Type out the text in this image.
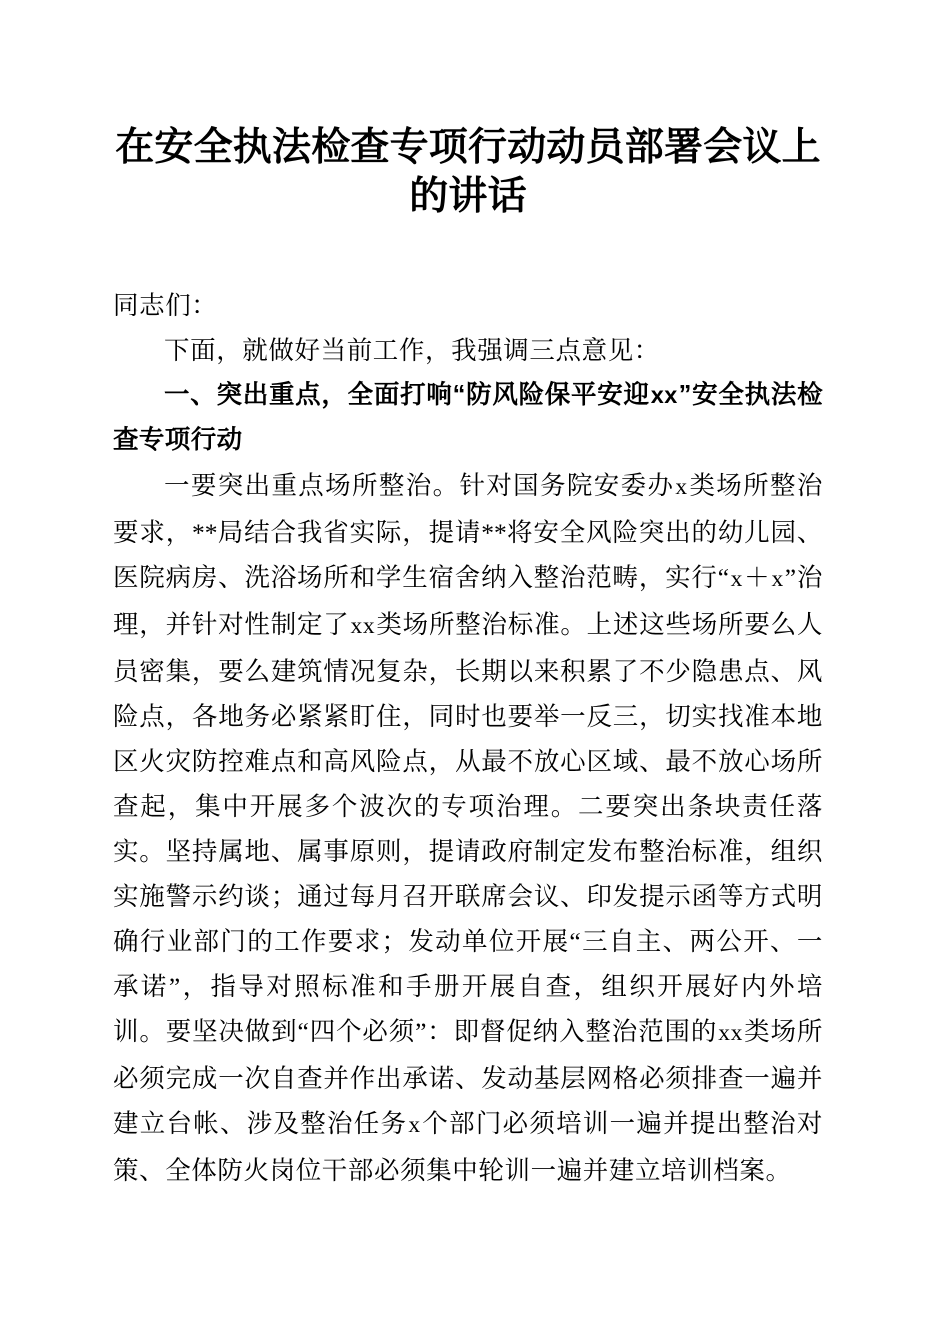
在安全执法检查专项行动动员部署会议上的讲话

同志们：

下面，就做好当前工作，我强调三点意见：

一、突出重点，全面打响“防风险保平安迎xx”安全执法检查专项行动

一要突出重点场所整治。针对国务院安委办x类场所整治要求，**局结合我省实际，提请**将安全风险突出的幼儿园、医院病房、洗浴场所和学生宿舍纳入整治范畴，实行“x＋x”治理，并针对性制定了xx类场所整治标准。上述这些场所要么人员密集，要么建筑情况复杂，长期以来积累了不少隐患点、风险点，各地务必紧紧盯住，同时也要举一反三，切实找准本地区火灾防控难点和高风险点，从最不放心区域、最不放心场所查起，集中开展多个波次的专项治理。二要突出条块责任落实。坚持属地、属事原则，提请政府制定发布整治标准，组织实施警示约谈；通过每月召开联席会议、印发提示函等方式明确行业部门的工作要求；发动单位开展“三自主、两公开、一承诺”，指导对照标准和手册开展自查，组织开展好内外培训。要坚决做到“四个必须”：即督促纳入整治范围的xx类场所必须完成一次自查并作出承诺、发动基层网格必须排查一遍并建立台帐、涉及整治任务x个部门必须培训一遍并提出整治对策、全体防火岗位干部必须集中轮训一遍并建立培训档案。
